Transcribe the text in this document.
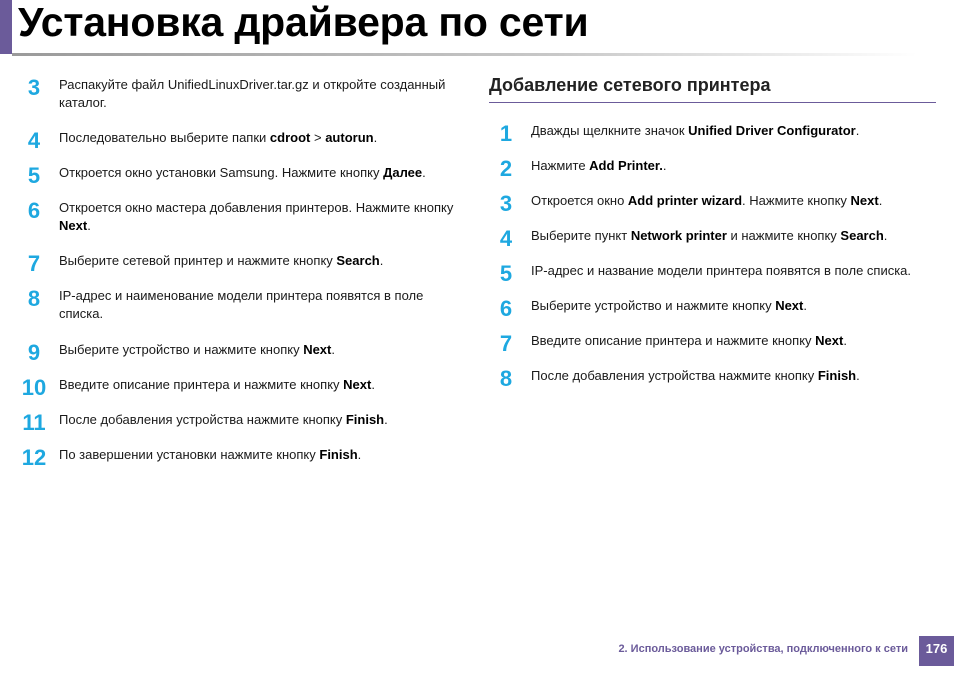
Установка драйвера по сети
3	Распакуйте файл UnifiedLinuxDriver.tar.gz и откройте созданный каталог.
4	Последовательно выберите папки cdroot > autorun.
5	Откроется окно установки Samsung. Нажмите кнопку Далее.
6	Откроется окно мастера добавления принтеров. Нажмите кнопку Next.
7	Выберите сетевой принтер и нажмите кнопку Search.
8	IP-адрес и наименование модели принтера появятся в поле списка.
9	Выберите устройство и нажмите кнопку Next.
10 Введите описание принтера и нажмите кнопку Next.
11	После добавления устройства нажмите кнопку Finish.
12 По завершении установки нажмите кнопку Finish.
Добавление сетевого принтера
1	Дважды щелкните значок Unified Driver Configurator.
2	Нажмите Add Printer..
3	Откроется окно Add printer wizard. Нажмите кнопку Next.
4	Выберите пункт Network printer и нажмите кнопку Search.
5	IP-адрес и название модели принтера появятся в поле списка.
6	Выберите устройство и нажмите кнопку Next.
7	Введите описание принтера и нажмите кнопку Next.
8	После добавления устройства нажмите кнопку Finish.
2. Использование устройства, подключенного к сети	176
